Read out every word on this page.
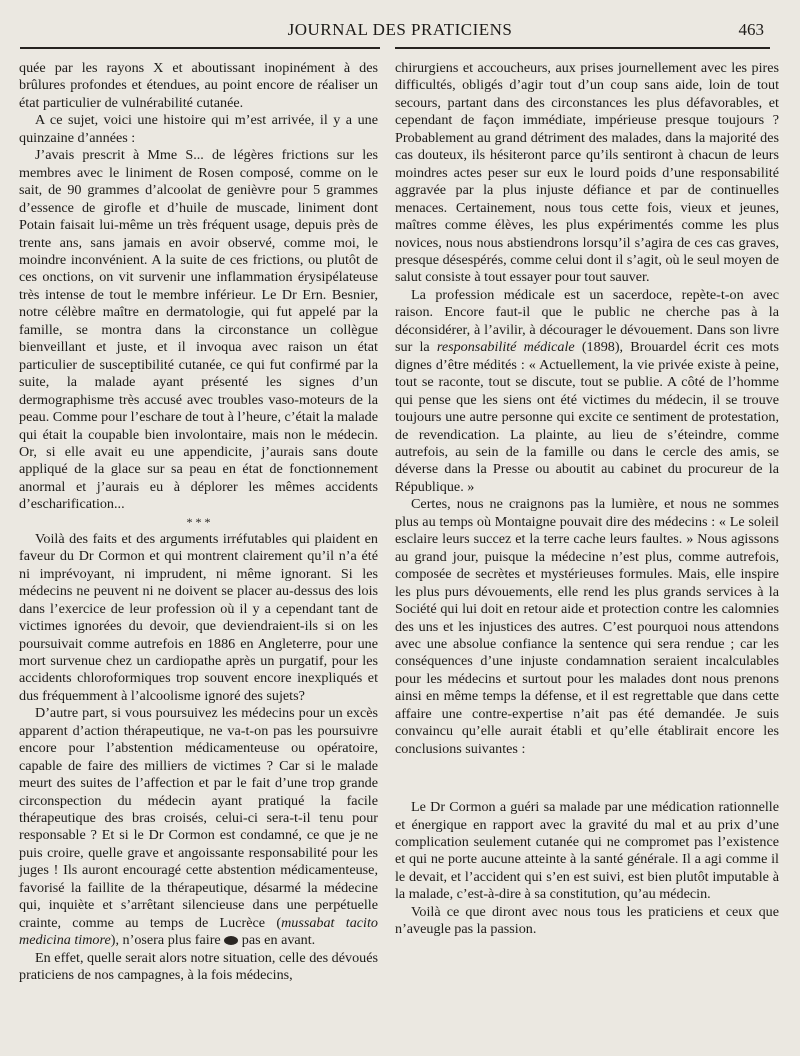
JOURNAL DES PRATICIENS	463

quée par les rayons X et aboutissant inopinément à des brûlures profondes et étendues, au point encore de réaliser un état particulier de vulnérabilité cutanée.

A ce sujet, voici une histoire qui m’est arrivée, il y a une quinzaine d’années :

J’avais prescrit à Mme S... de légères frictions sur les membres avec le liniment de Rosen composé, comme on le sait, de 90 grammes d’alcoolat de genièvre pour 5 grammes d’essence de girofle et d’huile de muscade, liniment dont Potain faisait lui-même un très fréquent usage, depuis près de trente ans, sans jamais en avoir observé, comme moi, le moindre inconvénient. A la suite de ces frictions, ou plutôt de ces onctions, on vit survenir une inflammation érysipélateuse très intense de tout le membre inférieur. Le Dr Ern. Besnier, notre célèbre maître en dermatologie, qui fut appelé par la famille, se montra dans la circonstance un collègue bienveillant et juste, et il invoqua avec raison un état particulier de susceptibilité cutanée, ce qui fut confirmé par la suite, la malade ayant présenté les signes d’un dermographisme très accusé avec troubles vaso-moteurs de la peau. Comme pour l’eschare de tout à l’heure, c’était la malade qui était la coupable bien involontaire, mais non le médecin. Or, si elle avait eu une appendicite, j’aurais sans doute appliqué de la glace sur sa peau en état de fonctionnement anormal et j’aurais eu à déplorer les mêmes accidents d’escharification...

* * *

Voilà des faits et des arguments irréfutables qui plaident en faveur du Dr Cormon et qui montrent clairement qu’il n’a été ni imprévoyant, ni imprudent, ni même ignorant. Si les médecins ne peuvent ni ne doivent se placer au-dessus des lois dans l’exercice de leur profession où il y a cependant tant de victimes ignorées du devoir, que deviendraient-ils si on les poursuivait comme autrefois en 1886 en Angleterre, pour une mort survenue chez un cardiopathe après un purgatif, pour les accidents chloroformiques trop souvent encore inexpliqués et dus fréquemment à l’alcoolisme ignoré des sujets?

D’autre part, si vous poursuivez les médecins pour un excès apparent d’action thérapeutique, ne va-t-on pas les poursuivre encore pour l’abstention médicamenteuse ou opératoire, capable de faire des milliers de victimes ? Car si le malade meurt des suites de l’affection et par le fait d’une trop grande circonspection du médecin ayant pratiqué la facile thérapeutique des bras croisés, celui-ci sera-t-il tenu pour responsable ? Et si le Dr Cormon est condamné, ce que je ne puis croire, quelle grave et angoissante responsabilité pour les juges ! Ils auront encouragé cette abstention médicamenteuse, favorisé la faillite de la thérapeutique, désarmé la médecine qui, inquiète et s’arrêtant silencieuse dans une perpétuelle crainte, comme au temps de Lucrèce (mussabat tacito medicina timore), n’osera plus faire pas en avant.

En effet, quelle serait alors notre situation, celle des dévoués praticiens de nos campagnes, à la fois médecins,

chirurgiens et accoucheurs, aux prises journellement avec les pires difficultés, obligés d’agir tout d’un coup sans aide, loin de tout secours, partant dans des circonstances les plus défavorables, et cependant de façon immédiate, impérieuse presque toujours ? Probablement au grand détriment des malades, dans la majorité des cas douteux, ils hésiteront parce qu’ils sentiront à chacun de leurs moindres actes peser sur eux le lourd poids d’une responsabilité aggravée par la plus injuste défiance et par de continuelles menaces. Certainement, nous tous cette fois, vieux et jeunes, maîtres comme élèves, les plus expérimentés comme les plus novices, nous nous abstiendrons lorsqu’il s’agira de ces cas graves, presque désespérés, comme celui dont il s’agit, où le seul moyen de salut consiste à tout essayer pour tout sauver.

La profession médicale est un sacerdoce, repète-t-on avec raison. Encore faut-il que le public ne cherche pas à la déconsidérer, à l’avilir, à décourager le dévouement. Dans son livre sur la responsabilité médicale (1898), Brouardel écrit ces mots dignes d’être médités : « Actuellement, la vie privée existe à peine, tout se raconte, tout se discute, tout se publie. A côté de l’homme qui pense que les siens ont été victimes du médecin, il se trouve toujours une autre personne qui excite ce sentiment de protestation, de revendication. La plainte, au lieu de s’éteindre, comme autrefois, au sein de la famille ou dans le cercle des amis, se déverse dans la Presse ou aboutit au cabinet du procureur de la République. »

Certes, nous ne craignons pas la lumière, et nous ne sommes plus au temps où Montaigne pouvait dire des médecins : « Le soleil esclaire leurs succez et la terre cache leurs faultes. » Nous agissons au grand jour, puisque la médecine n’est plus, comme autrefois, composée de secrètes et mystérieuses formules. Mais, elle inspire les plus purs dévouements, elle rend les plus grands services à la Société qui lui doit en retour aide et protection contre les calomnies des uns et les injustices des autres. C’est pourquoi nous attendons avec une absolue confiance la sentence qui sera rendue ; car les conséquences d’une injuste condamnation seraient incalculables pour les médecins et surtout pour les malades dont nous prenons ainsi en même temps la défense, et il est regrettable que dans cette affaire une contre-expertise n’ait pas été demandée. Je suis convaincu qu’elle aurait établi et qu’elle établirait encore les conclusions suivantes :

Le Dr Cormon a guéri sa malade par une médication rationnelle et énergique en rapport avec la gravité du mal et au prix d’une complication seulement cutanée qui ne compromet pas l’existence et qui ne porte aucune atteinte à la santé générale. Il a agi comme il le devait, et l’accident qui s’en est suivi, est bien plutôt imputable à la malade, c’est-à-dire à sa constitution, qu’au médecin.

Voilà ce que diront avec nous tous les praticiens et ceux que n’aveugle pas la passion.
